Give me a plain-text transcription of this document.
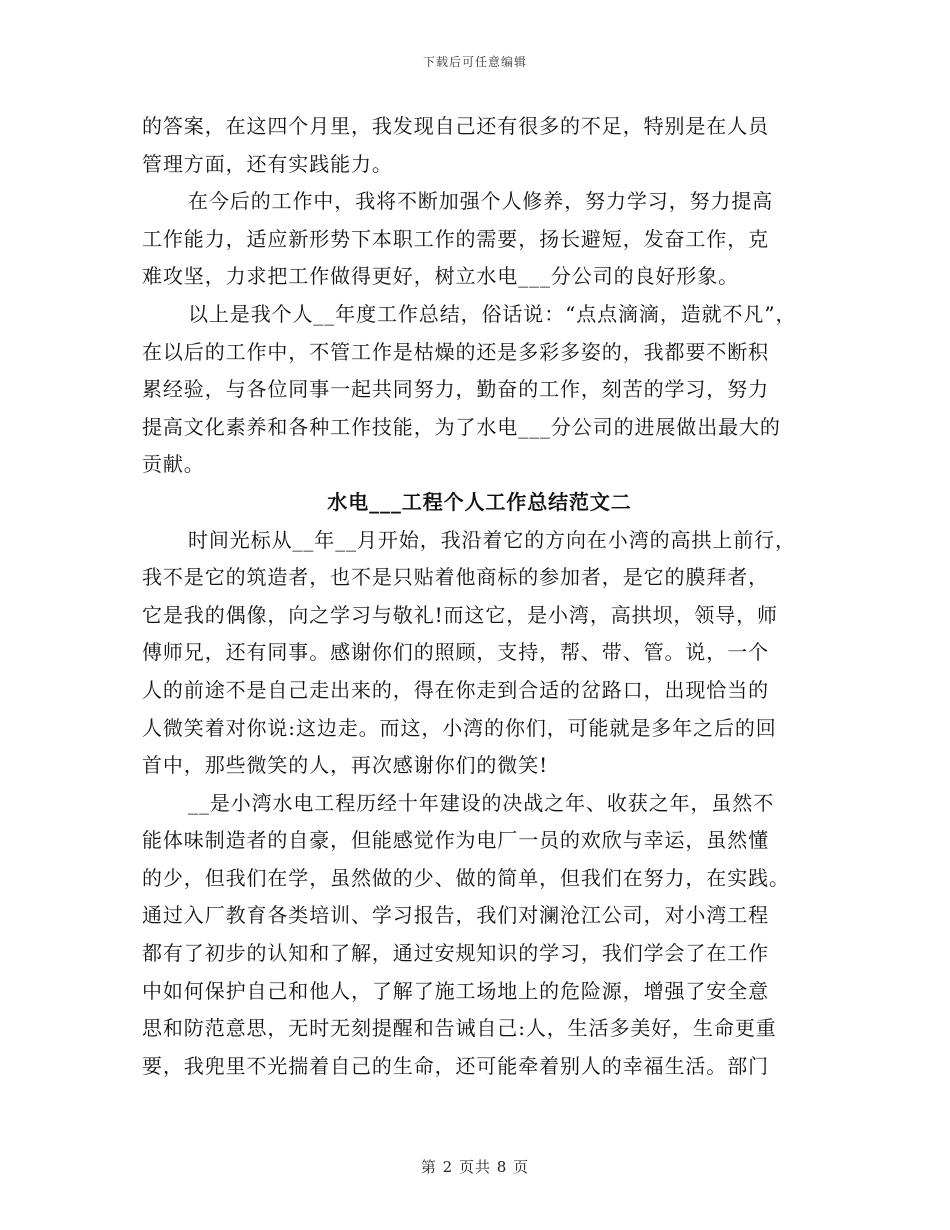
下载后可任意编辑

的答案，在这四个月里，我发现自己还有很多的不足，特别是在人员
管理方面，还有实践能力。

在今后的工作中，我将不断加强个人修养，努力学习，努力提高
工作能力，适应新形势下本职工作的需要，扬长避短，发奋工作，克
难攻坚，力求把工作做得更好，树立水电___分公司的良好形象。

以上是我个人__年度工作总结，俗话说：“点点滴滴，造就不凡”，
在以后的工作中，不管工作是枯燥的还是多彩多姿的，我都要不断积
累经验，与各位同事一起共同努力，勤奋的工作，刻苦的学习，努力
提高文化素养和各种工作技能，为了水电___分公司的进展做出最大的
贡献。

水电___工程个人工作总结范文二

时间光标从__年__月开始，我沿着它的方向在小湾的高拱上前行，
我不是它的筑造者，也不是只贴着他商标的参加者，是它的膜拜者，
它是我的偶像，向之学习与敬礼!而这它，是小湾，高拱坝，领导，师
傅师兄，还有同事。感谢你们的照顾，支持，帮、带、管。说，一个
人的前途不是自己走出来的，得在你走到合适的岔路口，出现恰当的
人微笑着对你说:这边走。而这，小湾的你们，可能就是多年之后的回
首中，那些微笑的人，再次感谢你们的微笑!

__是小湾水电工程历经十年建设的决战之年、收获之年，虽然不
能体味制造者的自豪，但能感觉作为电厂一员的欢欣与幸运，虽然懂
的少，但我们在学，虽然做的少、做的简单，但我们在努力，在实践。
通过入厂教育各类培训、学习报告，我们对澜沧江公司，对小湾工程
都有了初步的认知和了解，通过安规知识的学习，我们学会了在工作
中如何保护自己和他人，了解了施工场地上的危险源，增强了安全意
思和防范意思，无时无刻提醒和告诫自己:人，生活多美好，生命更重
要，我兜里不光揣着自己的生命，还可能牵着别人的幸福生活。部门

第 2 页共 8 页
